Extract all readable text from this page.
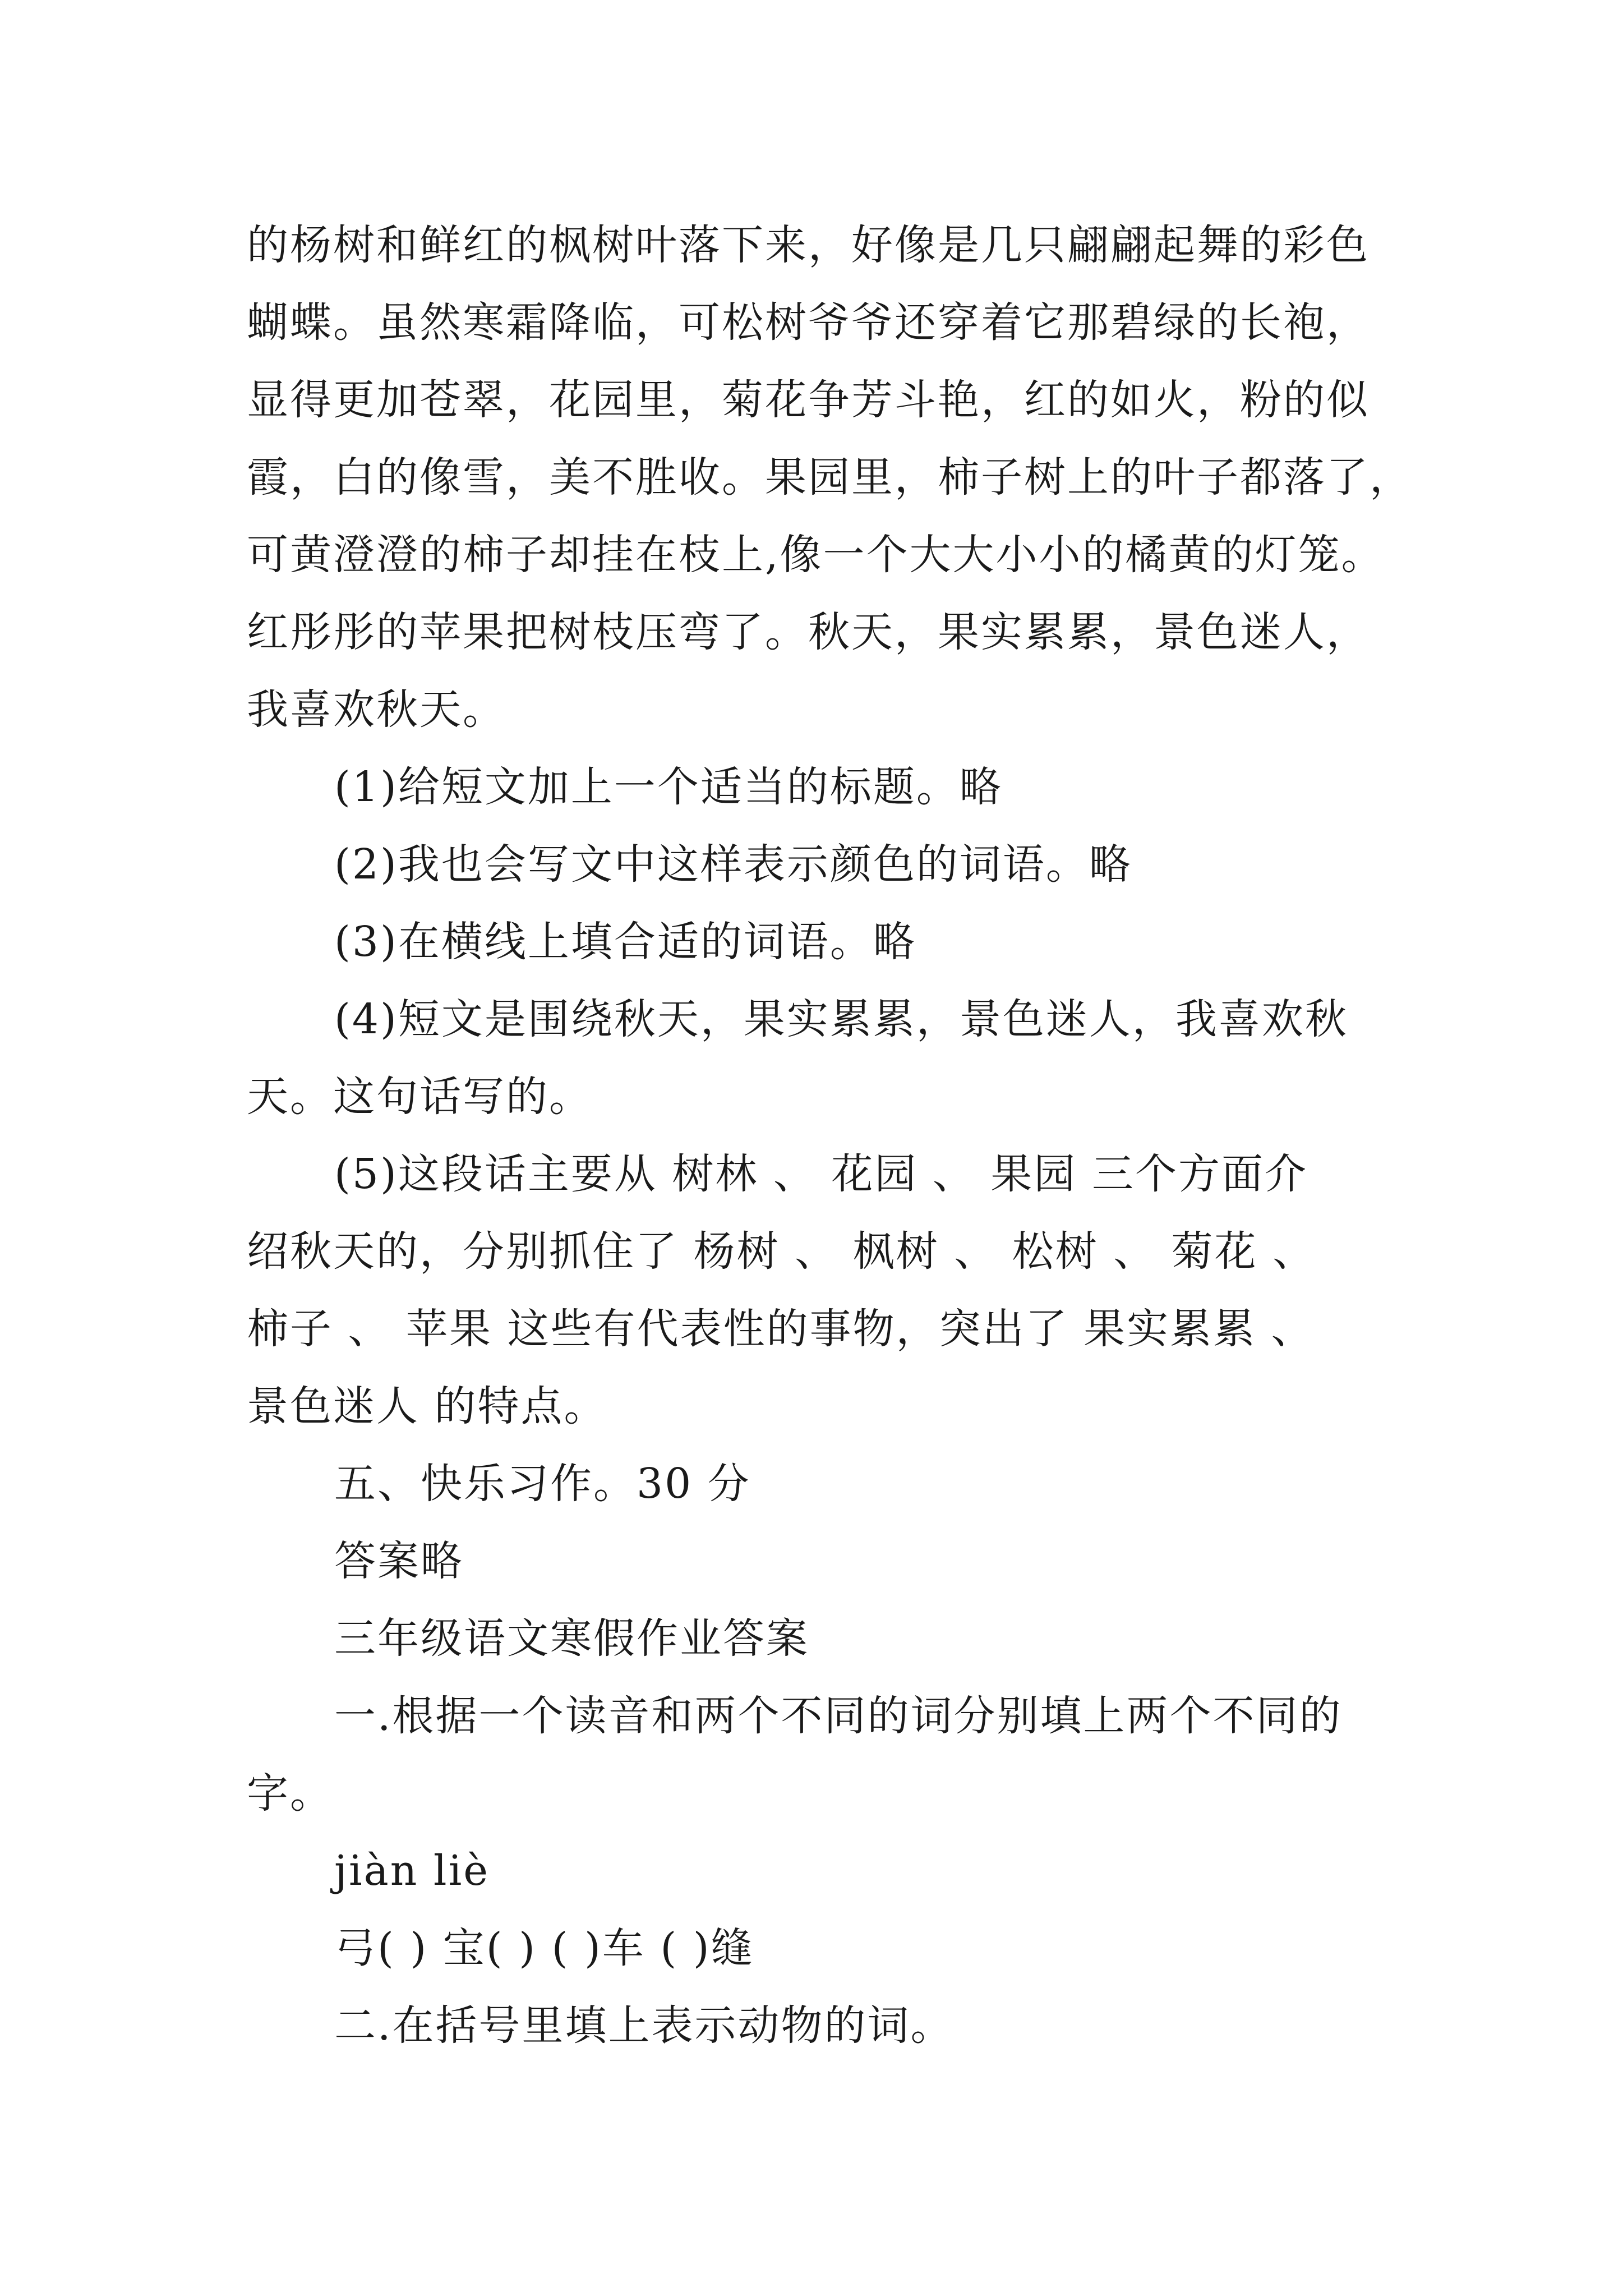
的杨树和鲜红的枫树叶落下来，好像是几只翩翩起舞的彩色
蝴蝶。虽然寒霜降临，可松树爷爷还穿着它那碧绿的长袍，
显得更加苍翠，花园里，菊花争芳斗艳，红的如火，粉的似
霞，白的像雪，美不胜收。果园里，柿子树上的叶子都落了，
可黄澄澄的柿子却挂在枝上,像一个大大小小的橘黄的灯笼。
红彤彤的苹果把树枝压弯了。秋天，果实累累，景色迷人，
我喜欢秋天。
(1)给短文加上一个适当的标题。略
(2)我也会写文中这样表示颜色的词语。略
(3)在横线上填合适的词语。略
(4)短文是围绕秋天，果实累累，景色迷人，我喜欢秋
天。这句话写的。
(5)这段话主要从 树林 、 花园 、 果园 三个方面介
绍秋天的，分别抓住了 杨树 、 枫树 、 松树 、 菊花 、
柿子 、 苹果 这些有代表性的事物，突出了 果实累累 、
景色迷人 的特点。
五、快乐习作。30 分
答案略
三年级语文寒假作业答案
一.根据一个读音和两个不同的词分别填上两个不同的
字。
jiàn liè
弓( ) 宝( ) ( )车 ( )缝
二.在括号里填上表示动物的词。
